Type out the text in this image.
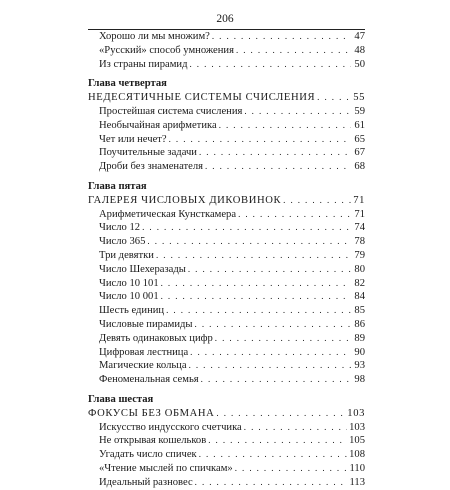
206
Хорошо ли мы множим? . . .	47
«Русский» способ умножения . . .	48
Из страны пирамид . . .	50
Глава четвертая
НЕДЕСЯТИЧНЫЕ СИСТЕМЫ СЧИСЛЕНИЯ . . .	55
Простейшая система счисления . . .	59
Необычайная арифметика . . .	61
Чет или нечет? . . .	65
Поучительные задачи . . .	67
Дроби без знаменателя . . .	68
Глава пятая
ГАЛЕРЕЯ ЧИСЛОВЫХ ДИКОВИНОК . . .	71
Арифметическая Кунсткамера . . .	71
Число 12 . . .	74
Число 365 . . .	78
Три девятки . . .	79
Число Шехеразады . . .	80
Число 10 101 . . .	82
Число 10 001 . . .	84
Шесть единиц . . .	85
Числовые пирамиды . . .	86
Девять одинаковых цифр . . .	89
Цифровая лестница . . .	90
Магические кольца . . .	93
Феноменальная семья . . .	98
Глава шестая
ФОКУСЫ БЕЗ ОБМАНА . . .	103
Искусство индусского счетчика . . .	103
Не открывая кошельков . . .	105
Угадать число спичек . . .	108
«Чтение мыслей по спичкам» . . .	110
Идеальный разновес . . .	113
